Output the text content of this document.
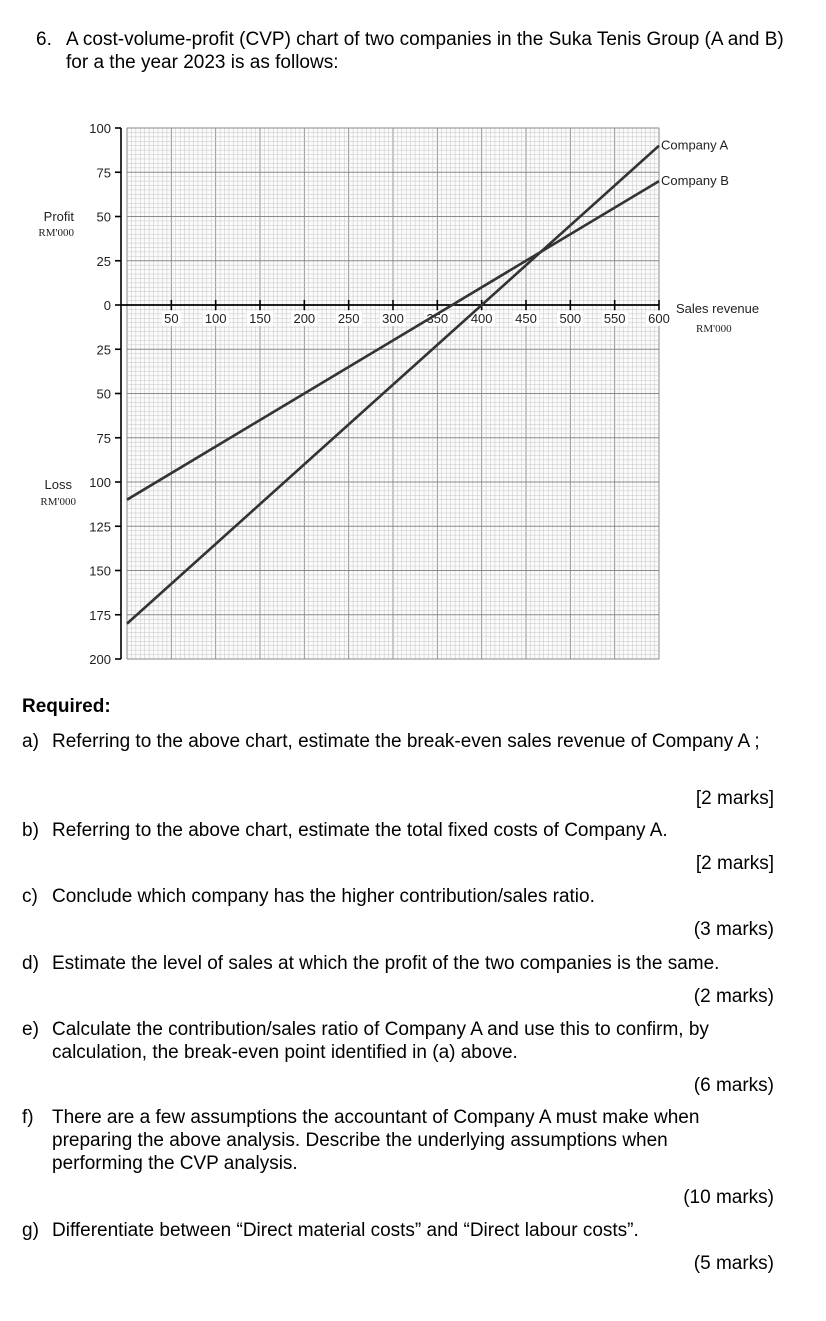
6. A cost-volume-profit (CVP) chart of two companies in the Suka Tenis Group (A and B) for a the year 2023 is as follows:
100
75
50
25
0
25
50
75
100
125
150
175
200
50 100 150 200 250 300 350 400 450 500 550 600
Company A
Company B
Profit
RM'000
Loss
RM'000
Sales revenue
RM'000
Required:
a) Referring to the above chart, estimate the break-even sales revenue of Company A ;
[2 marks]
b) Referring to the above chart, estimate the total fixed costs of Company A.
[2 marks]
c) Conclude which company has the higher contribution/sales ratio.
(3 marks)
d) Estimate the level of sales at which the profit of the two companies is the same.
(2 marks)
e) Calculate the contribution/sales ratio of Company A and use this to confirm, by calculation, the break-even point identified in (a) above.
(6 marks)
f) There are a few assumptions the accountant of Company A must make when preparing the above analysis. Describe the underlying assumptions when performing the CVP analysis.
(10 marks)
g) Differentiate between “Direct material costs” and “Direct labour costs”.
(5 marks)
